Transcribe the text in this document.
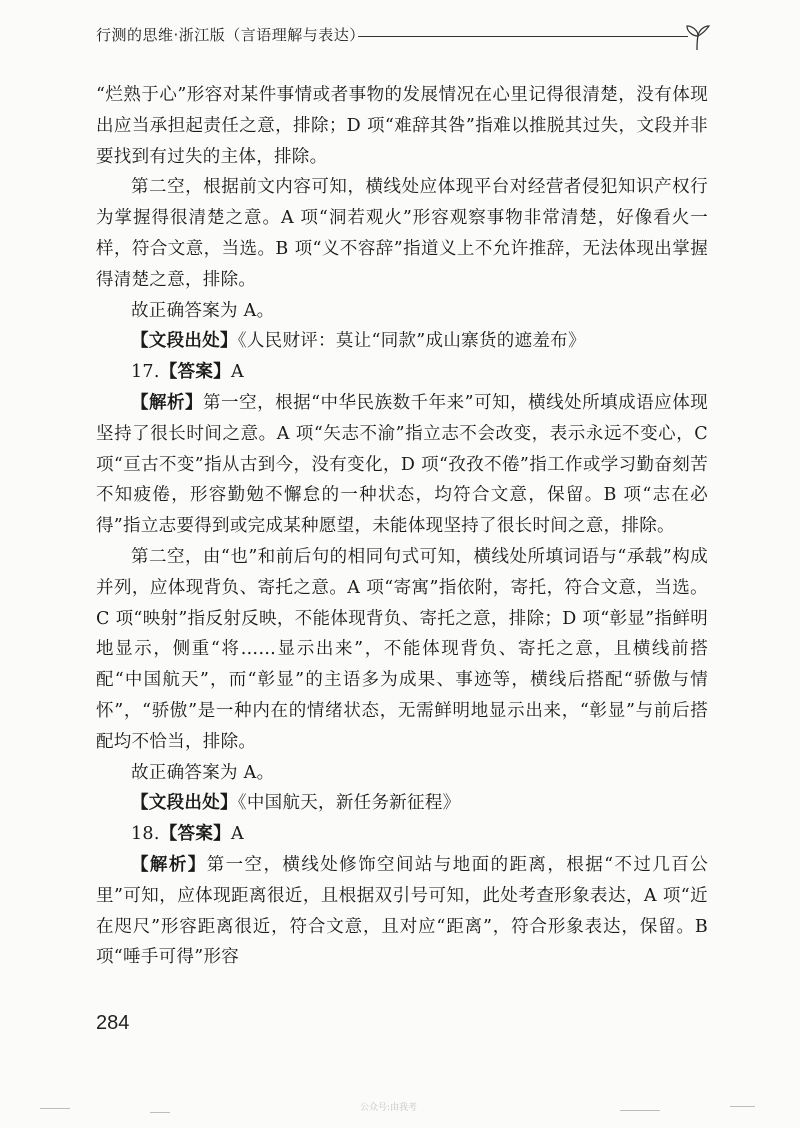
行测的思维·浙江版（言语理解与表达）

“烂熟于心”形容对某件事情或者事物的发展情况在心里记得很清楚，没有体现出应当承担起责任之意，排除；D 项“难辞其咎”指难以推脱其过失，文段并非要找到有过失的主体，排除。

第二空，根据前文内容可知，横线处应体现平台对经营者侵犯知识产权行为掌握得很清楚之意。A 项“洞若观火”形容观察事物非常清楚，好像看火一样，符合文意，当选。B 项“义不容辞”指道义上不允许推辞，无法体现出掌握得清楚之意，排除。

故正确答案为 A。

【文段出处】《人民财评：莫让“同款”成山寨货的遮羞布》

17.【答案】A

【解析】第一空，根据“中华民族数千年来”可知，横线处所填成语应体现坚持了很长时间之意。A 项“矢志不渝”指立志不会改变，表示永远不变心，C 项“亘古不变”指从古到今，没有变化，D 项“孜孜不倦”指工作或学习勤奋刻苦不知疲倦，形容勤勉不懈怠的一种状态，均符合文意，保留。B 项“志在必得”指立志要得到或完成某种愿望，未能体现坚持了很长时间之意，排除。

第二空，由“也”和前后句的相同句式可知，横线处所填词语与“承载”构成并列，应体现背负、寄托之意。A 项“寄寓”指依附，寄托，符合文意，当选。C 项“映射”指反射反映，不能体现背负、寄托之意，排除；D 项“彰显”指鲜明地显示，侧重“将……显示出来”，不能体现背负、寄托之意，且横线前搭配“中国航天”，而“彰显”的主语多为成果、事迹等，横线后搭配“骄傲与情怀”，“骄傲”是一种内在的情绪状态，无需鲜明地显示出来，“彰显”与前后搭配均不恰当，排除。

故正确答案为 A。

【文段出处】《中国航天，新任务新征程》

18.【答案】A

【解析】第一空，横线处修饰空间站与地面的距离，根据“不过几百公里”可知，应体现距离很近，且根据双引号可知，此处考查形象表达，A 项“近在咫尺”形容距离很近，符合文意，且对应“距离”，符合形象表达，保留。B 项“唾手可得”形容

284
公众号:由我考
